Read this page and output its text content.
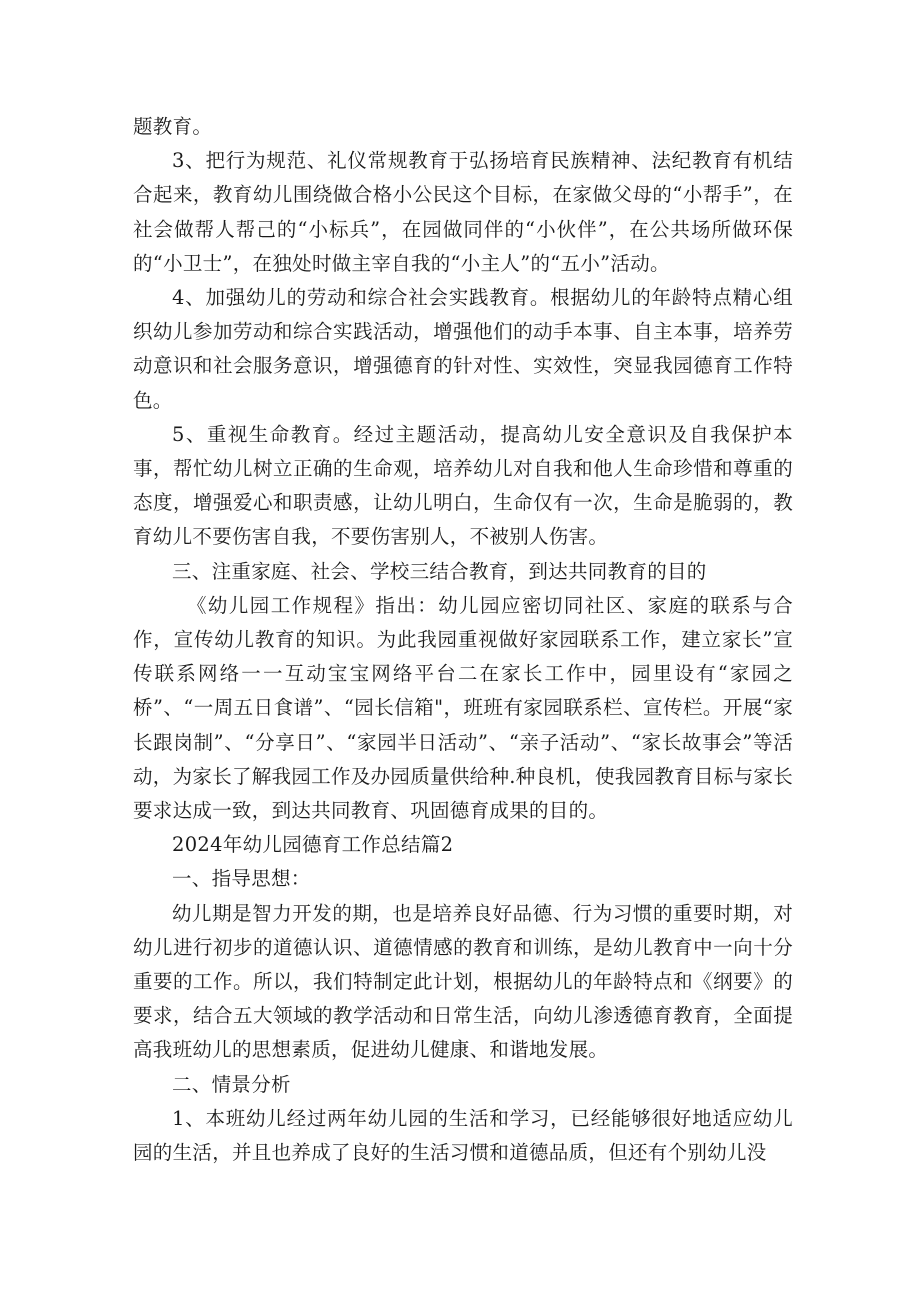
题教育。

3、把行为规范、礼仪常规教育于弘扬培育民族精神、法纪教育有机结合起来，教育幼儿围绕做合格小公民这个目标，在家做父母的“小帮手”，在社会做帮人帮己的“小标兵”，在园做同伴的“小伙伴”，在公共场所做环保的“小卫士”，在独处时做主宰自我的“小主人”的“五小”活动。

4、加强幼儿的劳动和综合社会实践教育。根据幼儿的年龄特点精心组织幼儿参加劳动和综合实践活动，增强他们的动手本事、自主本事，培养劳动意识和社会服务意识，增强德育的针对性、实效性，突显我园德育工作特色。

5、重视生命教育。经过主题活动，提高幼儿安全意识及自我保护本事，帮忙幼儿树立正确的生命观，培养幼儿对自我和他人生命珍惜和尊重的态度，增强爱心和职责感，让幼儿明白，生命仅有一次，生命是脆弱的，教育幼儿不要伤害自我，不要伤害别人，不被别人伤害。

三、注重家庭、社会、学校三结合教育，到达共同教育的目的

《幼儿园工作规程》指出：幼儿园应密切同社区、家庭的联系与合作，宣传幼儿教育的知识。为此我园重视做好家园联系工作，建立家长”宣传联系网络一一互动宝宝网络平台二在家长工作中，园里设有“家园之桥”、“一周五日食谱”、“园长信箱"，班班有家园联系栏、宣传栏。开展“家长跟岗制”、“分享日”、“家园半日活动”、“亲子活动”、“家长故事会”等活动，为家长了解我园工作及办园质量供给种.种良机，使我园教育目标与家长要求达成一致，到达共同教育、巩固德育成果的目的。

2024年幼儿园德育工作总结篇2

一、指导思想：

幼儿期是智力开发的期，也是培养良好品德、行为习惯的重要时期，对幼儿进行初步的道德认识、道德情感的教育和训练，是幼儿教育中一向十分重要的工作。所以，我们特制定此计划，根据幼儿的年龄特点和《纲要》的要求，结合五大领域的教学活动和日常生活，向幼儿渗透德育教育，全面提高我班幼儿的思想素质，促进幼儿健康、和谐地发展。

二、情景分析

1、本班幼儿经过两年幼儿园的生活和学习，已经能够很好地适应幼儿园的生活，并且也养成了良好的生活习惯和道德品质，但还有个别幼儿没
